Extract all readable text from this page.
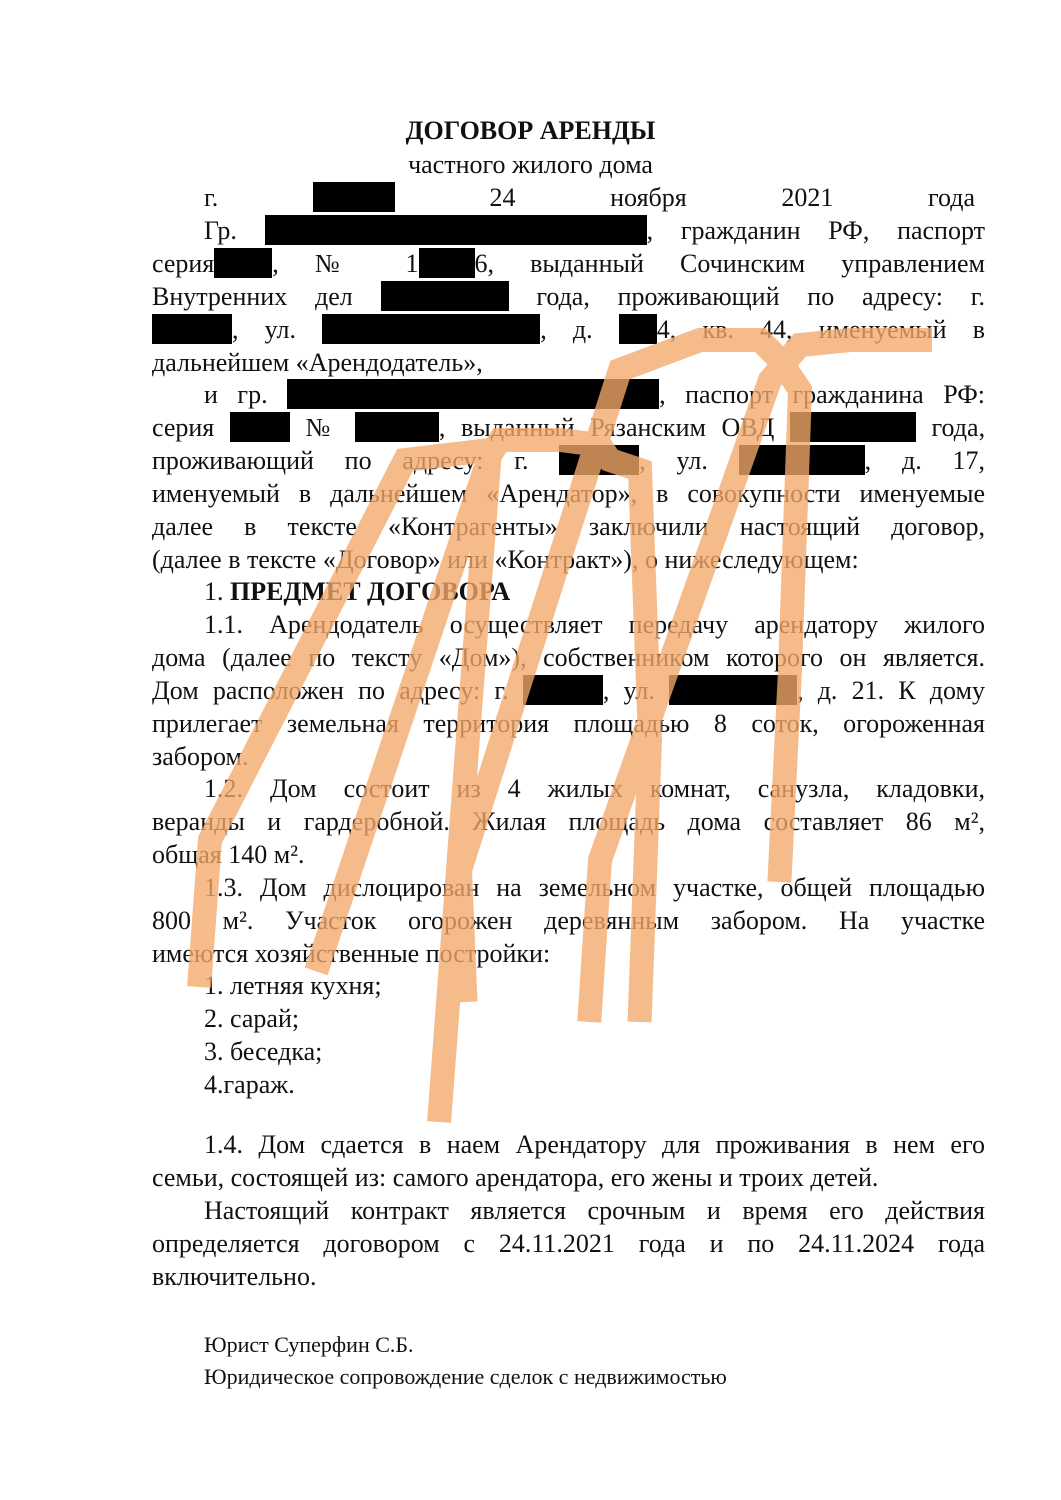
ДОГОВОР АРЕНДЫ
частного жилого дома
г.	24 ноября 2021 года
Гр.	, гражданин РФ, паспорт
серия , № 1 6, выданный Сочинским управлением
Внутренних дел	года, проживающий по адресу: г.
, ул.	, д. 4, кв. 44, именуемый в
дальнейшем «Арендодатель»,
и гр.	, паспорт гражданина РФ:
серия	№	, выданный Рязанским ОВД	года,
проживающий по адресу: г.	, ул.	, д. 17,
именуемый в дальнейшем «Арендатор», в совокупности именуемые
далее в тексте «Контрагенты» заключили настоящий договор,
(далее в тексте «Договор» или «Контракт»), о нижеследующем:
1. ПРЕДМЕТ ДОГОВОРА
1.1. Арендодатель осуществляет передачу арендатору жилого
дома (далее по тексту «Дом»), собственником которого он является.
Дом расположен по адресу: г.	, ул.	, д. 21. К дому
прилегает земельная территория площадью 8 соток, огороженная
забором.
1.2. Дом состоит из 4 жилых комнат, санузла, кладовки,
веранды и гардеробной. Жилая площадь дома составляет 86 м²,
общая 140 м².
1.3. Дом дислоцирован на земельном участке, общей площадью
800 м². Участок огорожен деревянным забором. На участке
имеются хозяйственные постройки:
1. летняя кухня;
2. сарай;
3. беседка;
4.гараж.
1.4. Дом сдается в наем Арендатору для проживания в нем его
семьи, состоящей из: самого арендатора, его жены и троих детей.
Настоящий контракт является срочным и время его действия
определяется договором с 24.11.2021 года и по 24.11.2024 года
включительно.
Юрист Суперфин С.Б.
Юридическое сопровождение сделок с недвижимостью
